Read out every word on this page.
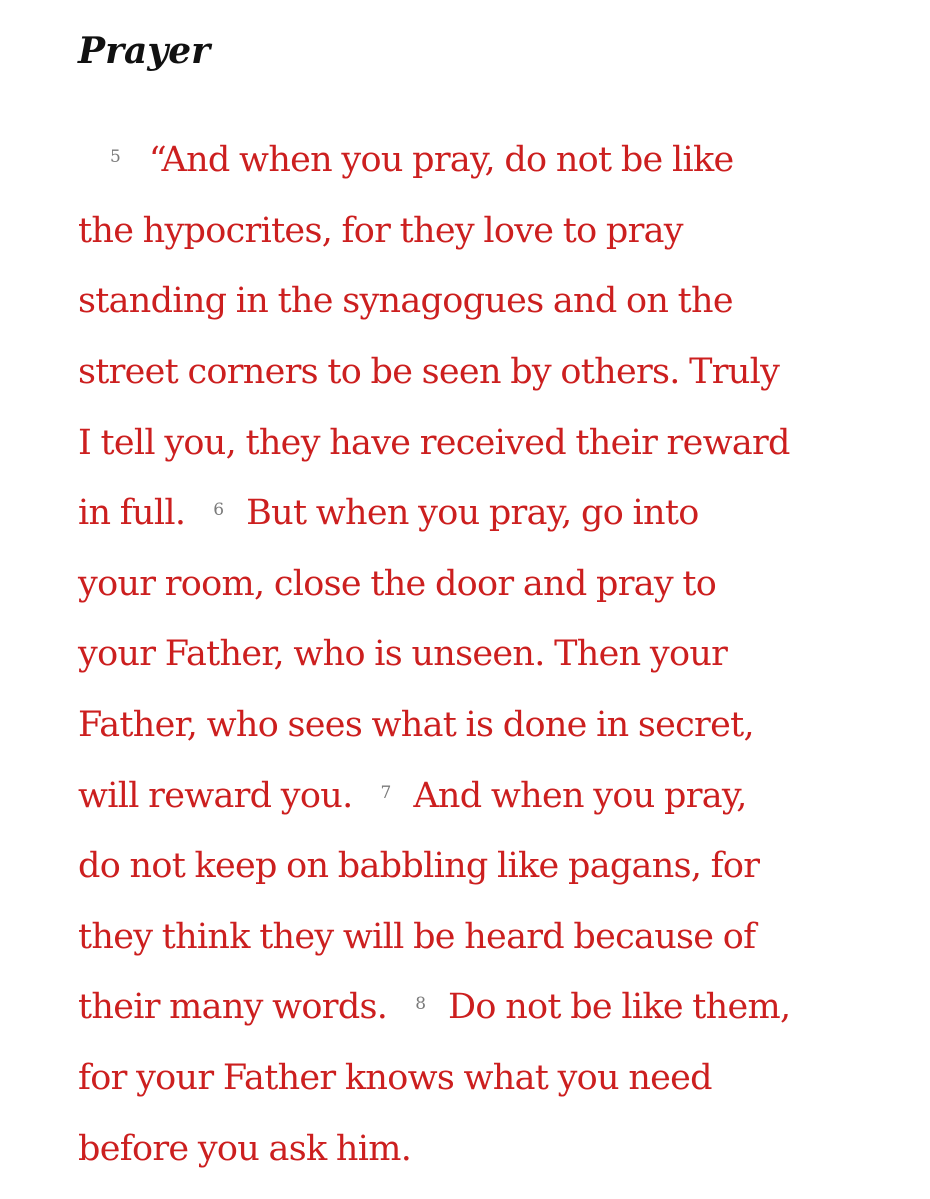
Prayer
$^5$ “And when you pray, do not be like
the hypocrites, for they love to pray
standing in the synagogues and on the
street corners to be seen by others. Truly
I tell you, they have received their reward
in full. $^6$ But when you pray, go into
your room, close the door and pray to
your Father, who is unseen. Then your
Father, who sees what is done in secret,
will reward you. $^7$ And when you pray,
do not keep on babbling like pagans, for
they think they will be heard because of
their many words. $^8$ Do not be like them,
for your Father knows what you need
before you ask him.
